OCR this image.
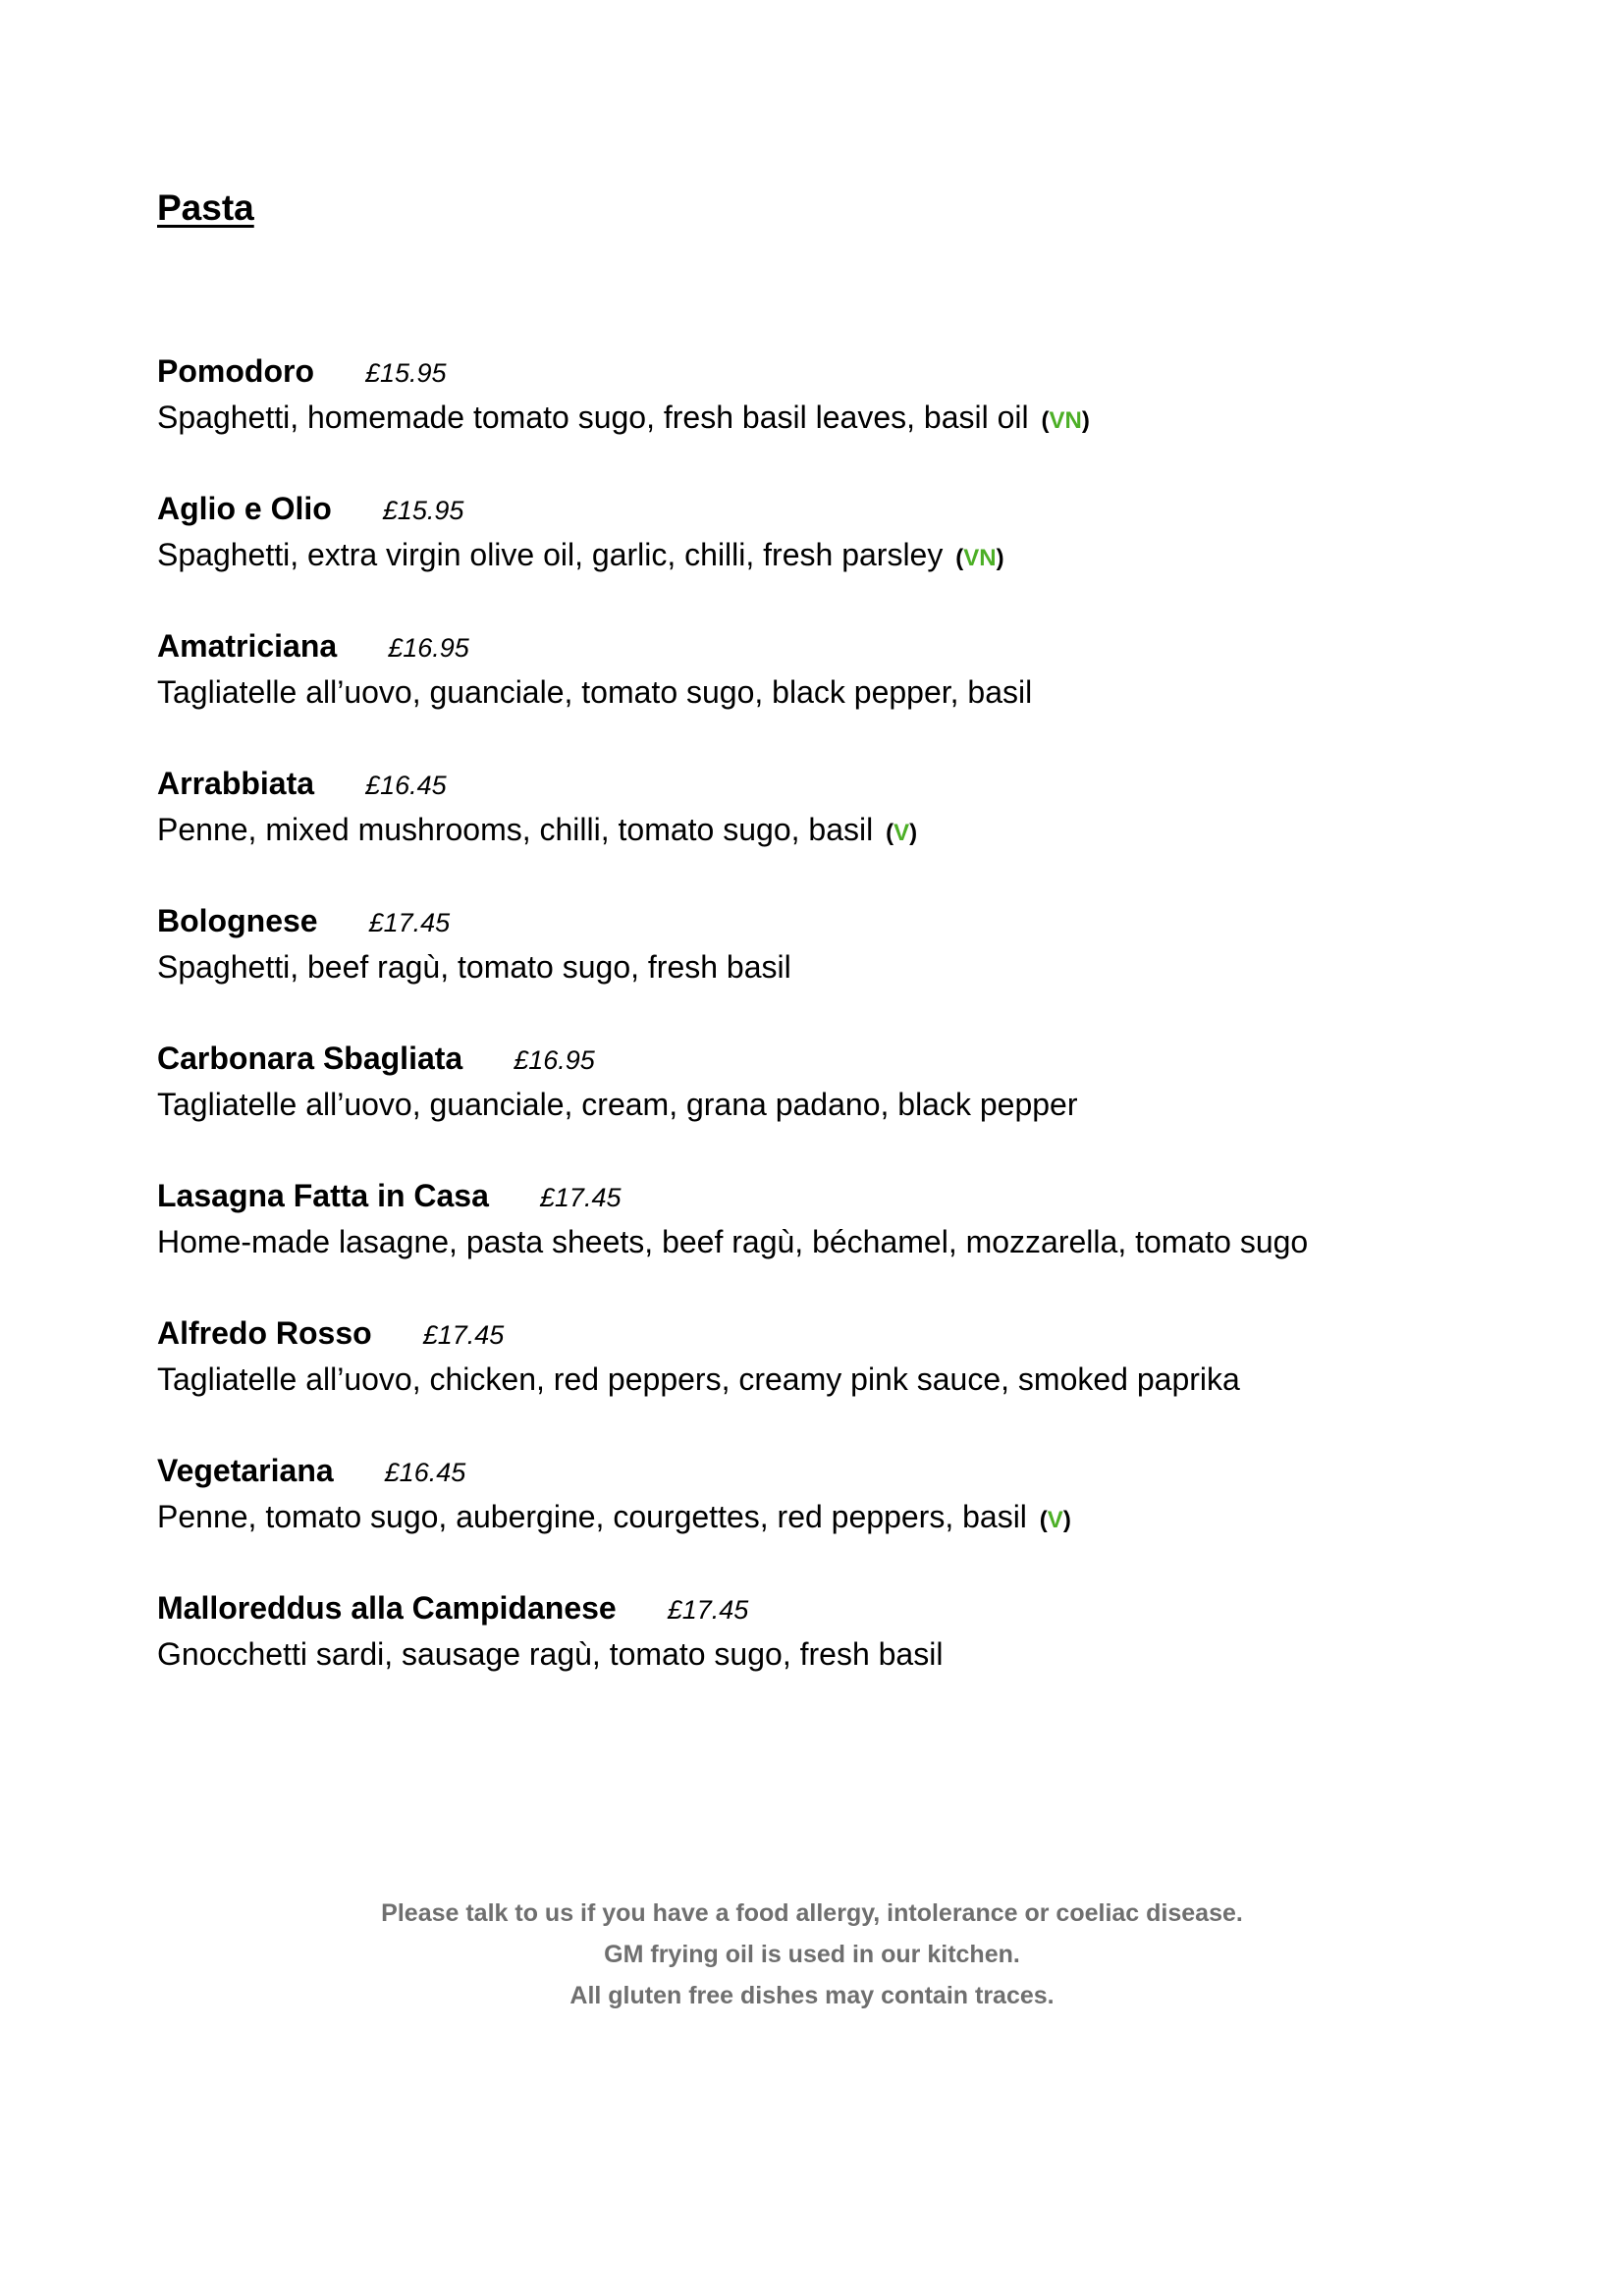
Pasta
Pomodoro £15.95
Spaghetti, homemade tomato sugo, fresh basil leaves, basil oil (VN)
Aglio e Olio £15.95
Spaghetti, extra virgin olive oil, garlic, chilli, fresh parsley (VN)
Amatriciana £16.95
Tagliatelle all’uovo, guanciale, tomato sugo, black pepper, basil
Arrabbiata £16.45
Penne, mixed mushrooms, chilli, tomato sugo, basil (V)
Bolognese £17.45
Spaghetti, beef ragù, tomato sugo, fresh basil
Carbonara Sbagliata £16.95
Tagliatelle all’uovo, guanciale, cream, grana padano, black pepper
Lasagna Fatta in Casa £17.45
Home-made lasagne, pasta sheets, beef ragù, béchamel, mozzarella, tomato sugo
Alfredo Rosso £17.45
Tagliatelle all’uovo, chicken, red peppers, creamy pink sauce, smoked paprika
Vegetariana £16.45
Penne, tomato sugo, aubergine, courgettes, red peppers, basil (V)
Malloreddus alla Campidanese £17.45
Gnocchetti sardi, sausage ragù, tomato sugo, fresh basil
Please talk to us if you have a food allergy, intolerance or coeliac disease.
GM frying oil is used in our kitchen.
All gluten free dishes may contain traces.
